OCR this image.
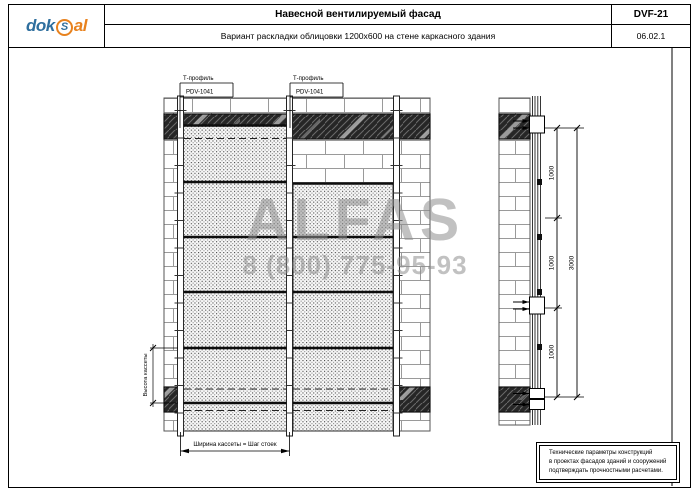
dok S al
Навесной вентилируемый фасад	DVF-21
Вариант раскладки облицовки 1200x600 на стене каркасного здания	06.02.1
Т-профиль
PDV-1041
Т-профиль
PDV-1041
Высота кассеты
Ширина кассеты = Шаг стоек
1000
1000
1000
3000
ALFAS
8 (800) 775-95-93
Технические параметры конструкций
в проектах фасадов зданий и сооружений
подтверждать прочностными расчетами.
